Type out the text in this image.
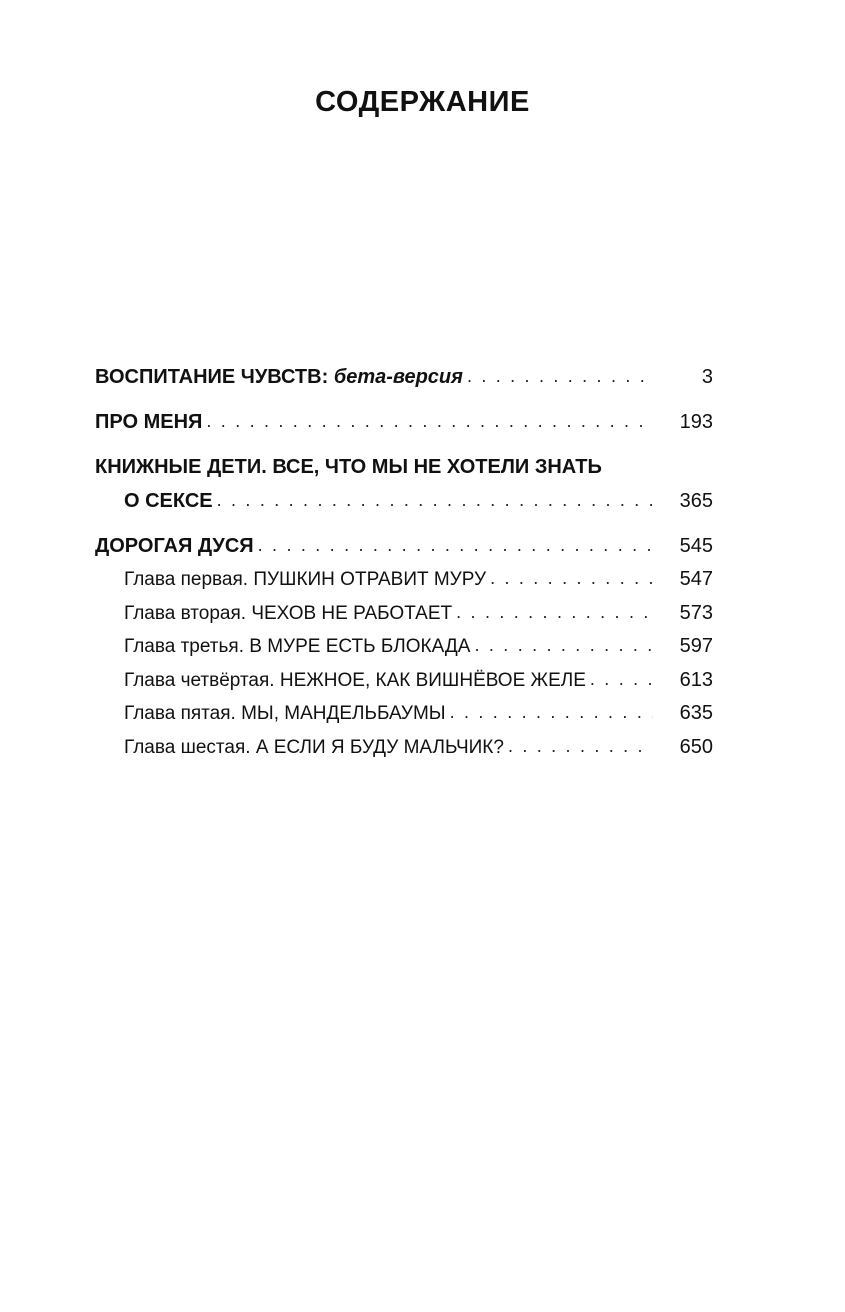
СОДЕРЖАНИЕ
ВОСПИТАНИЕ ЧУВСТВ: бета-версия . . .	3
ПРО МЕНЯ . . .	193
КНИЖНЫЕ ДЕТИ. ВСЕ, ЧТО МЫ НЕ ХОТЕЛИ ЗНАТЬ
О СЕКСЕ . . .	365
ДОРОГАЯ ДУСЯ . . .	545
Глава первая. ПУШКИН ОТРАВИТ МУРУ . . .	547
Глава вторая. ЧЕХОВ НЕ РАБОТАЕТ . . .	573
Глава третья. В МУРЕ ЕСТЬ БЛОКАДА . . .	597
Глава четвёртая. НЕЖНОЕ, КАК ВИШНЁВОЕ ЖЕЛЕ . . .	613
Глава пятая. МЫ, МАНДЕЛЬБАУМЫ . . .	635
Глава шестая. А ЕСЛИ Я БУДУ МАЛЬЧИК? . . .	650
